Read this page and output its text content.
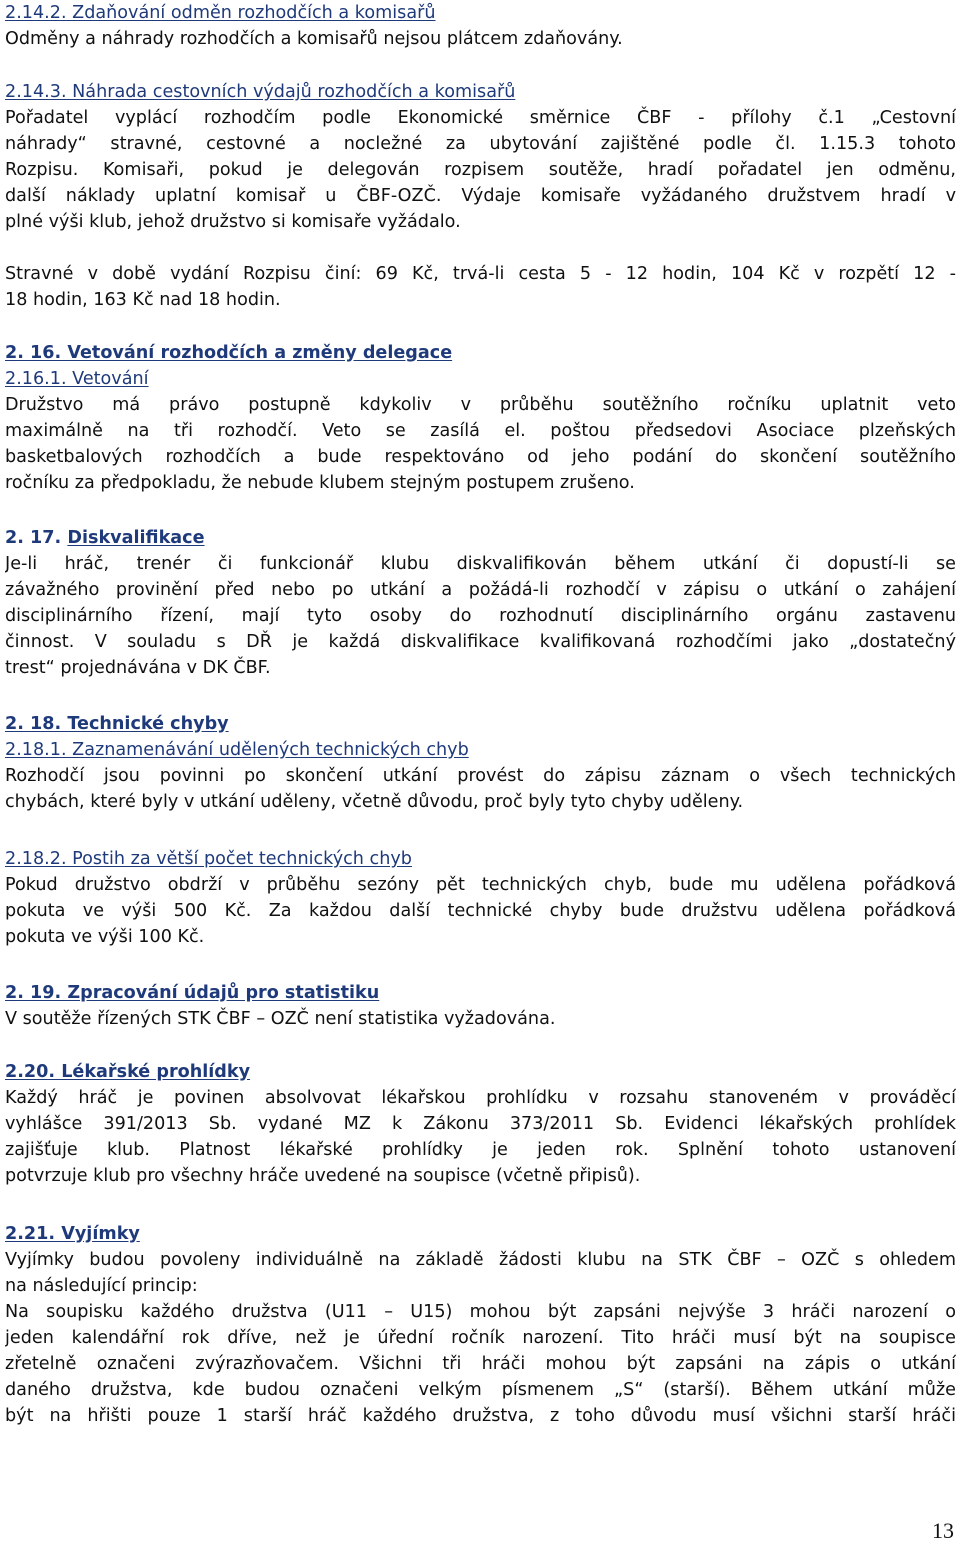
2.14.2. Zdaňování odměn rozhodčích a komisařů
Odměny a náhrady rozhodčích a komisařů nejsou plátcem zdaňovány.
2.14.3. Náhrada cestovních výdajů rozhodčích a komisařů
Pořadatel vyplácí rozhodčím podle Ekonomické směrnice ČBF - přílohy č.1 „Cestovní
náhrady“ stravné, cestovné a nocležné za ubytování zajištěné podle čl. 1.15.3 tohoto
Rozpisu. Komisaři, pokud je delegován rozpisem soutěže, hradí pořadatel jen odměnu,
další náklady uplatní komisař u ČBF-OZČ. Výdaje komisaře vyžádaného družstvem hradí v
plné výši klub, jehož družstvo si komisaře vyžádalo.
Stravné v době vydání Rozpisu činí: 69 Kč, trvá-li cesta 5 - 12 hodin, 104 Kč v rozpětí 12 -
18 hodin, 163 Kč nad 18 hodin.
2. 16. Vetování rozhodčích a změny delegace
2.16.1. Vetování
Družstvo má právo postupně kdykoliv v průběhu soutěžního ročníku uplatnit veto
maximálně na tři rozhodčí. Veto se zasílá el. poštou předsedovi Asociace plzeňských
basketbalových rozhodčích a bude respektováno od jeho podání do skončení soutěžního
ročníku za předpokladu, že nebude klubem stejným postupem zrušeno.
2. 17. Diskvalifikace
Je-li hráč, trenér či funkcionář klubu diskvalifikován během utkání či dopustí-li se
závažného provinění před nebo po utkání a požádá-li rozhodčí v zápisu o utkání o zahájení
disciplinárního řízení, mají tyto osoby do rozhodnutí disciplinárního orgánu zastavenu
činnost. V souladu s DŘ je každá diskvalifikace kvalifikovaná rozhodčími jako „dostatečný
trest“ projednávána v DK ČBF.
2. 18. Technické chyby
2.18.1. Zaznamenávání udělených technických chyb
Rozhodčí jsou povinni po skončení utkání provést do zápisu záznam o všech technických
chybách, které byly v utkání uděleny, včetně důvodu, proč byly tyto chyby uděleny.
2.18.2. Postih za větší počet technických chyb
Pokud družstvo obdrží v průběhu sezóny pět technických chyb, bude mu udělena pořádková
pokuta ve výši 500 Kč. Za každou další technické chyby bude družstvu udělena pořádková
pokuta ve výši 100 Kč.
2. 19. Zpracování údajů pro statistiku
V soutěže řízených STK ČBF – OZČ není statistika vyžadována.
2.20. Lékařské prohlídky
Každý hráč je povinen absolvovat lékařskou prohlídku v rozsahu stanoveném v prováděcí
vyhlášce 391/2013 Sb. vydané MZ k Zákonu 373/2011 Sb. Evidenci lékařských prohlídek
zajišťuje klub. Platnost lékařské prohlídky je jeden rok. Splnění tohoto ustanovení
potvrzuje klub pro všechny hráče uvedené na soupisce (včetně připisů).
2.21. Vyjímky
Vyjímky budou povoleny individuálně na základě žádosti klubu na STK ČBF – OZČ s ohledem
na následující princip:
Na soupisku každého družstva (U11 – U15) mohou být zapsáni nejvýše 3 hráči narození o
jeden kalendářní rok dříve, než je úřední ročník narození. Tito hráči musí být na soupisce
zřetelně označeni zvýrazňovačem. Všichni tři hráči mohou být zapsáni na zápis o utkání
daného družstva, kde budou označeni velkým písmenem „S“ (starší). Během utkání může
být na hřišti pouze 1 starší hráč každého družstva, z toho důvodu musí všichni starší hráči
13
